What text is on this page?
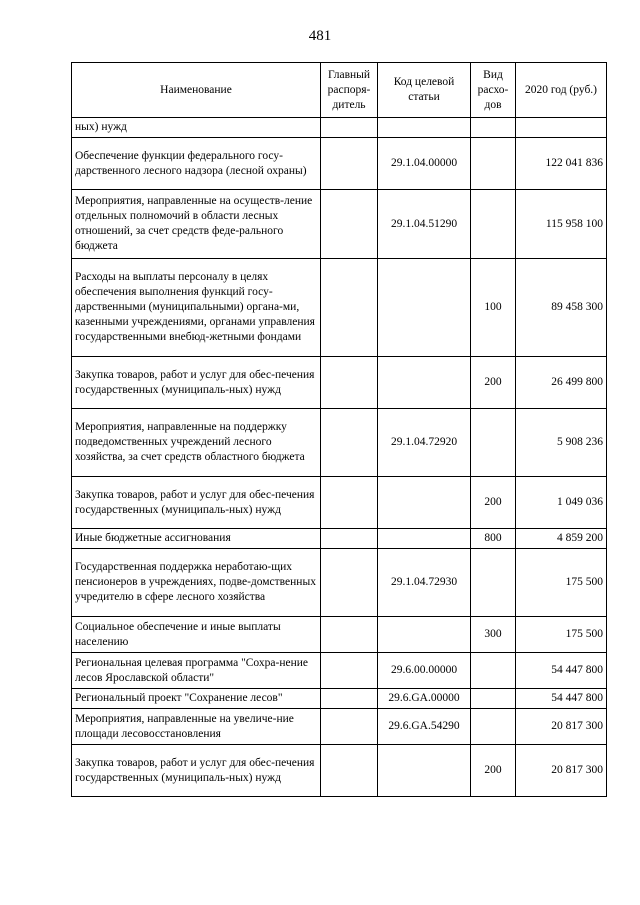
481
Наименование	Главный распоря-дитель	Код целевой статьи	Вид расхо-дов	2020 год (руб.)
ных) нужд				
Обеспечение функции федерального госу-дарственного лесного надзора (лесной охраны)		29.1.04.00000		122 041 836
Мероприятия, направленные на осуществ-ление отдельных полномочий в области лесных отношений, за счет средств феде-рального бюджета		29.1.04.51290		115 958 100
Расходы на выплаты персоналу в целях обеспечения выполнения функций госу-дарственными (муниципальными) органа-ми, казенными учреждениями, органами управления государственными внебюд-жетными фондами			100	89 458 300
Закупка товаров, работ и услуг для обес-печения государственных (муниципаль-ных) нужд			200	26 499 800
Мероприятия, направленные на поддержку подведомственных учреждений лесного хозяйства, за счет средств областного бюджета		29.1.04.72920		5 908 236
Закупка товаров, работ и услуг для обес-печения государственных (муниципаль-ных) нужд			200	1 049 036
Иные бюджетные ассигнования			800	4 859 200
Государственная поддержка неработаю-щих пенсионеров в учреждениях, подве-домственных учредителю в сфере лесного хозяйства		29.1.04.72930		175 500
Социальное обеспечение и иные выплаты населению			300	175 500
Региональная целевая программа "Сохра-нение лесов Ярославской области"		29.6.00.00000		54 447 800
Региональный проект "Сохранение лесов"		29.6.GA.00000		54 447 800
Мероприятия, направленные на увеличе-ние площади лесовосстановления		29.6.GA.54290		20 817 300
Закупка товаров, работ и услуг для обес-печения государственных (муниципаль-ных) нужд			200	20 817 300
